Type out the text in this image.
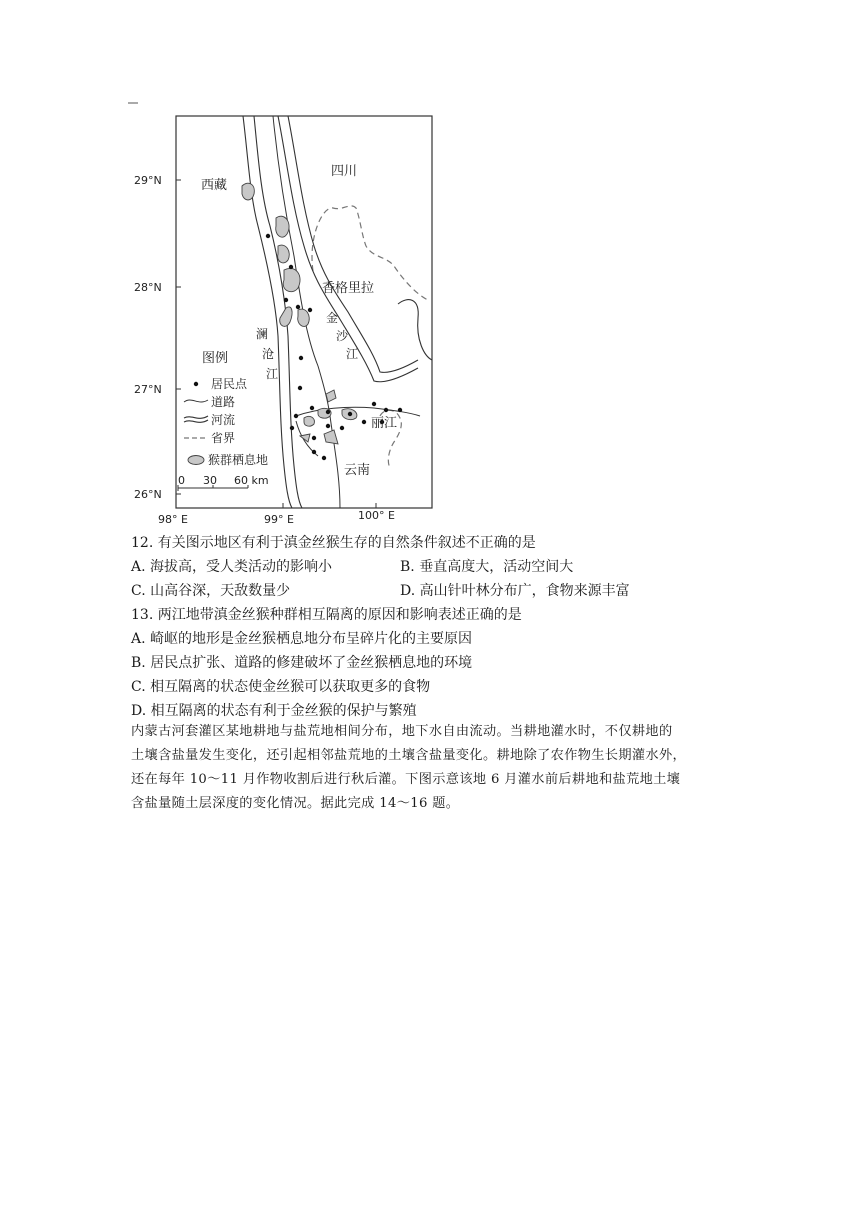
29°N
28°N
27°N
26°N
98° E	99° E	100° E
西藏
四川
香格里拉
丽江
云南
澜
沧
江
金
沙
江
图例
居民点
道路
河流
省界
猴群栖息地
0 30 60 km
12. 有关图示地区有利于滇金丝猴生存的自然条件叙述不正确的是
A. 海拔高，受人类活动的影响小	B. 垂直高度大，活动空间大
C. 山高谷深，天敌数量少	D. 高山针叶林分布广，食物来源丰富
13. 两江地带滇金丝猴种群相互隔离的原因和影响表述正确的是
A. 崎岖的地形是金丝猴栖息地分布呈碎片化的主要原因
B. 居民点扩张、道路的修建破坏了金丝猴栖息地的环境
C. 相互隔离的状态使金丝猴可以获取更多的食物
D. 相互隔离的状态有利于金丝猴的保护与繁殖
内蒙古河套灌区某地耕地与盐荒地相间分布，地下水自由流动。当耕地灌水时，不仅耕地的
土壤含盐量发生变化，还引起相邻盐荒地的土壤含盐量变化。耕地除了农作物生长期灌水外，
还在每年 10～11 月作物收割后进行秋后灌。下图示意该地 6 月灌水前后耕地和盐荒地土壤
含盐量随土层深度的变化情况。据此完成 14～16 题。
